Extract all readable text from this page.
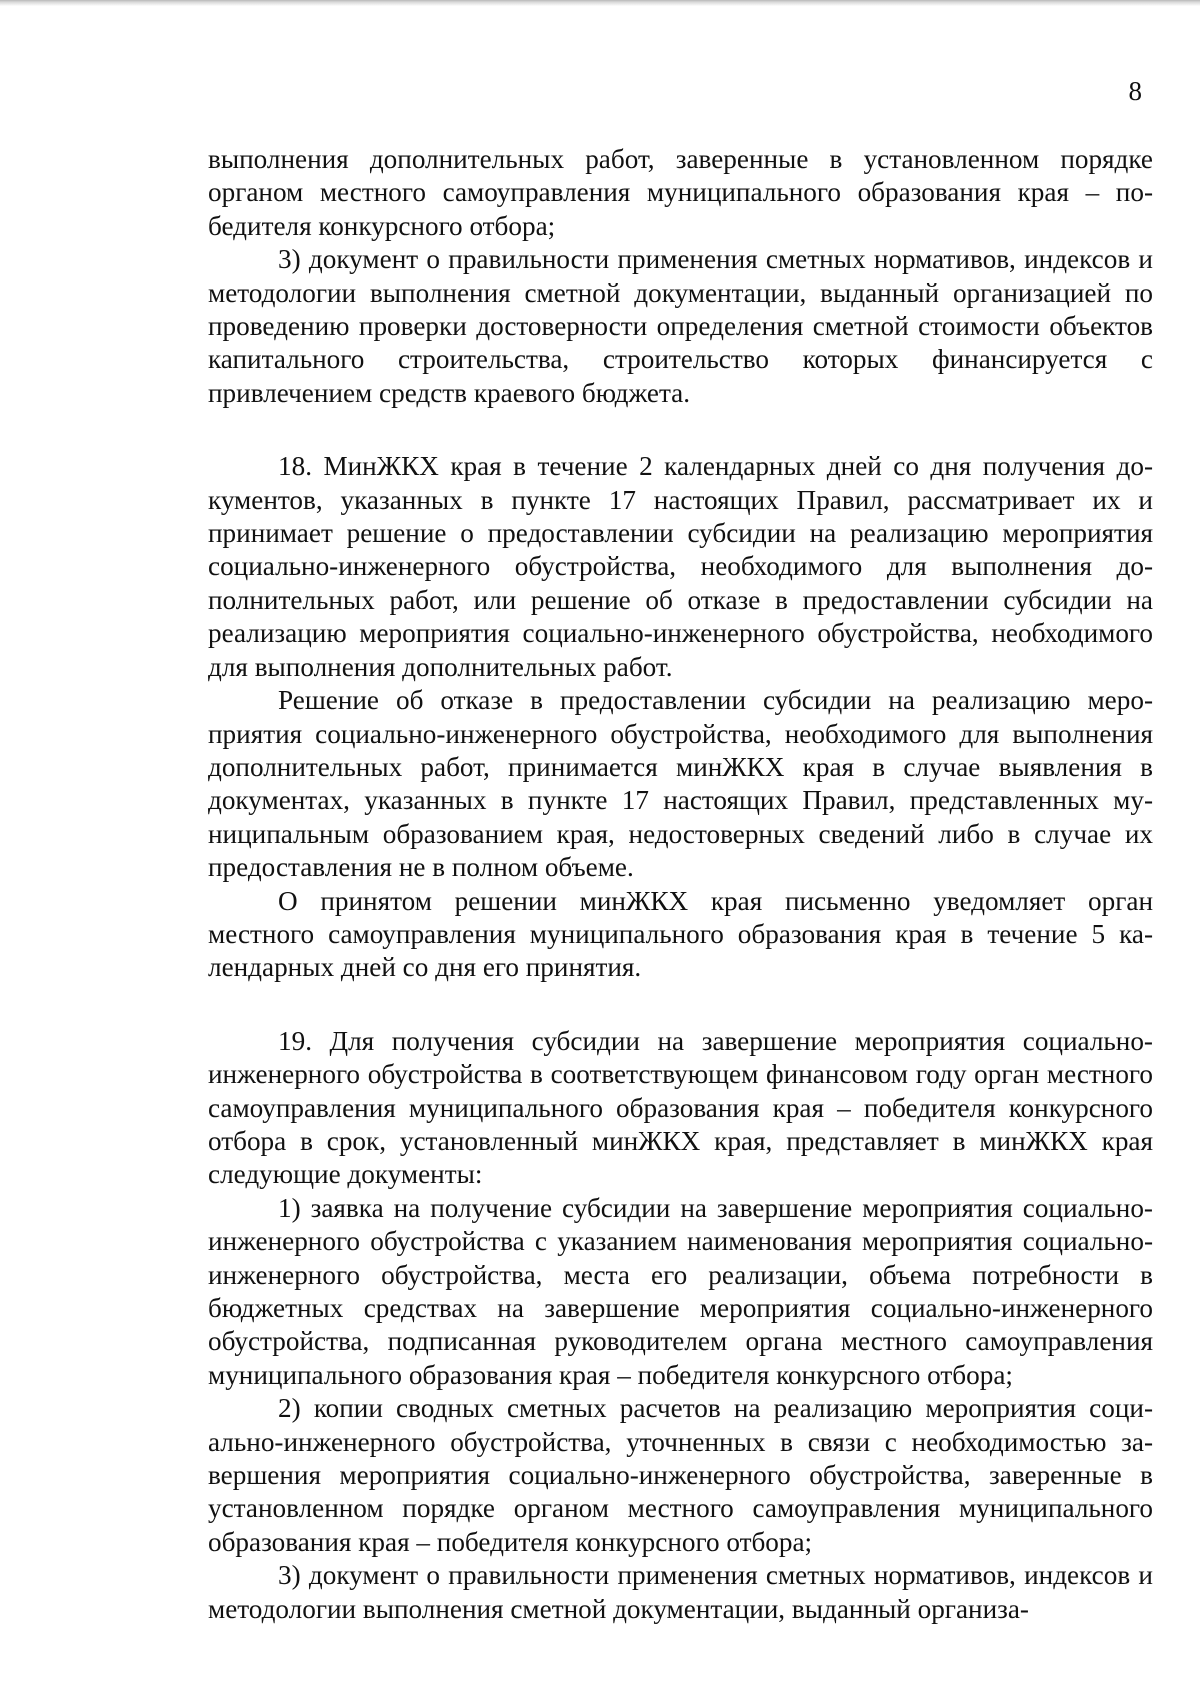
8

выполнения дополнительных работ, заверенные в установленном порядке органом местного самоуправления муниципального образования края – победителя конкурсного отбора;

3) документ о правильности применения сметных нормативов, индексов и методологии выполнения сметной документации, выданный организацией по проведению проверки достоверности определения сметной стоимости объектов капитального строительства, строительство которых финансируется с привлечением средств краевого бюджета.

18. МинЖКХ края в течение 2 календарных дней со дня получения документов, указанных в пункте 17 настоящих Правил, рассматривает их и принимает решение о предоставлении субсидии на реализацию мероприятия социально-инженерного обустройства, необходимого для выполнения дополнительных работ, или решение об отказе в предоставлении субсидии на реализацию мероприятия социально-инженерного обустройства, необходимого для выполнения дополнительных работ.

Решение об отказе в предоставлении субсидии на реализацию мероприятия социально-инженерного обустройства, необходимого для выполнения дополнительных работ, принимается минЖКХ края в случае выявления в документах, указанных в пункте 17 настоящих Правил, представленных муниципальным образованием края, недостоверных сведений либо в случае их предоставления не в полном объеме.

О принятом решении минЖКХ края письменно уведомляет орган местного самоуправления муниципального образования края в течение 5 календарных дней со дня его принятия.

19. Для получения субсидии на завершение мероприятия социально-инженерного обустройства в соответствующем финансовом году орган местного самоуправления муниципального образования края – победителя конкурсного отбора в срок, установленный минЖКХ края, представляет в минЖКХ края следующие документы:

1) заявка на получение субсидии на завершение мероприятия социально-инженерного обустройства с указанием наименования мероприятия социально-инженерного обустройства, места его реализации, объема потребности в бюджетных средствах на завершение мероприятия социально-инженерного обустройства, подписанная руководителем органа местного самоуправления муниципального образования края – победителя конкурсного отбора;

2) копии сводных сметных расчетов на реализацию мероприятия социально-инженерного обустройства, уточненных в связи с необходимостью завершения мероприятия социально-инженерного обустройства, заверенные в установленном порядке органом местного самоуправления муниципального образования края – победителя конкурсного отбора;

3) документ о правильности применения сметных нормативов, индексов и методологии выполнения сметной документации, выданный организа-
